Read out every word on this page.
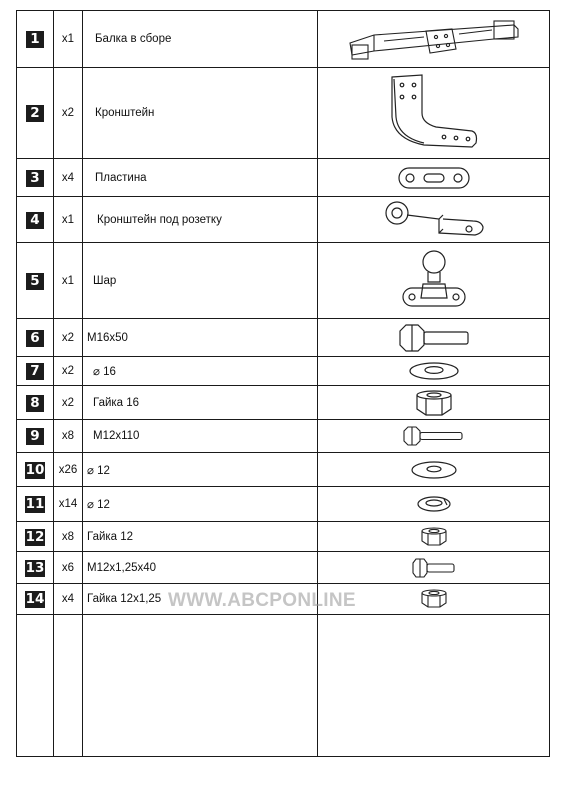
1	x1	Балка в сборе	

2	x2	Кронштейн	

3	x4	Пластина	

4	x1	Кронштейн под розетку	

5	x1	Шар	

6	x2	M16x50	

7	x2	⌀ 16	

8	x2	Гайка 16	

9	x8	M12x110	

10	x26	⌀ 12	

11	x14	⌀ 12	

12	x8	Гайка 12	

13	x6	M12x1,25x40	

14	x4	Гайка 12x1,25	

			WWW.ABCPONLINE
